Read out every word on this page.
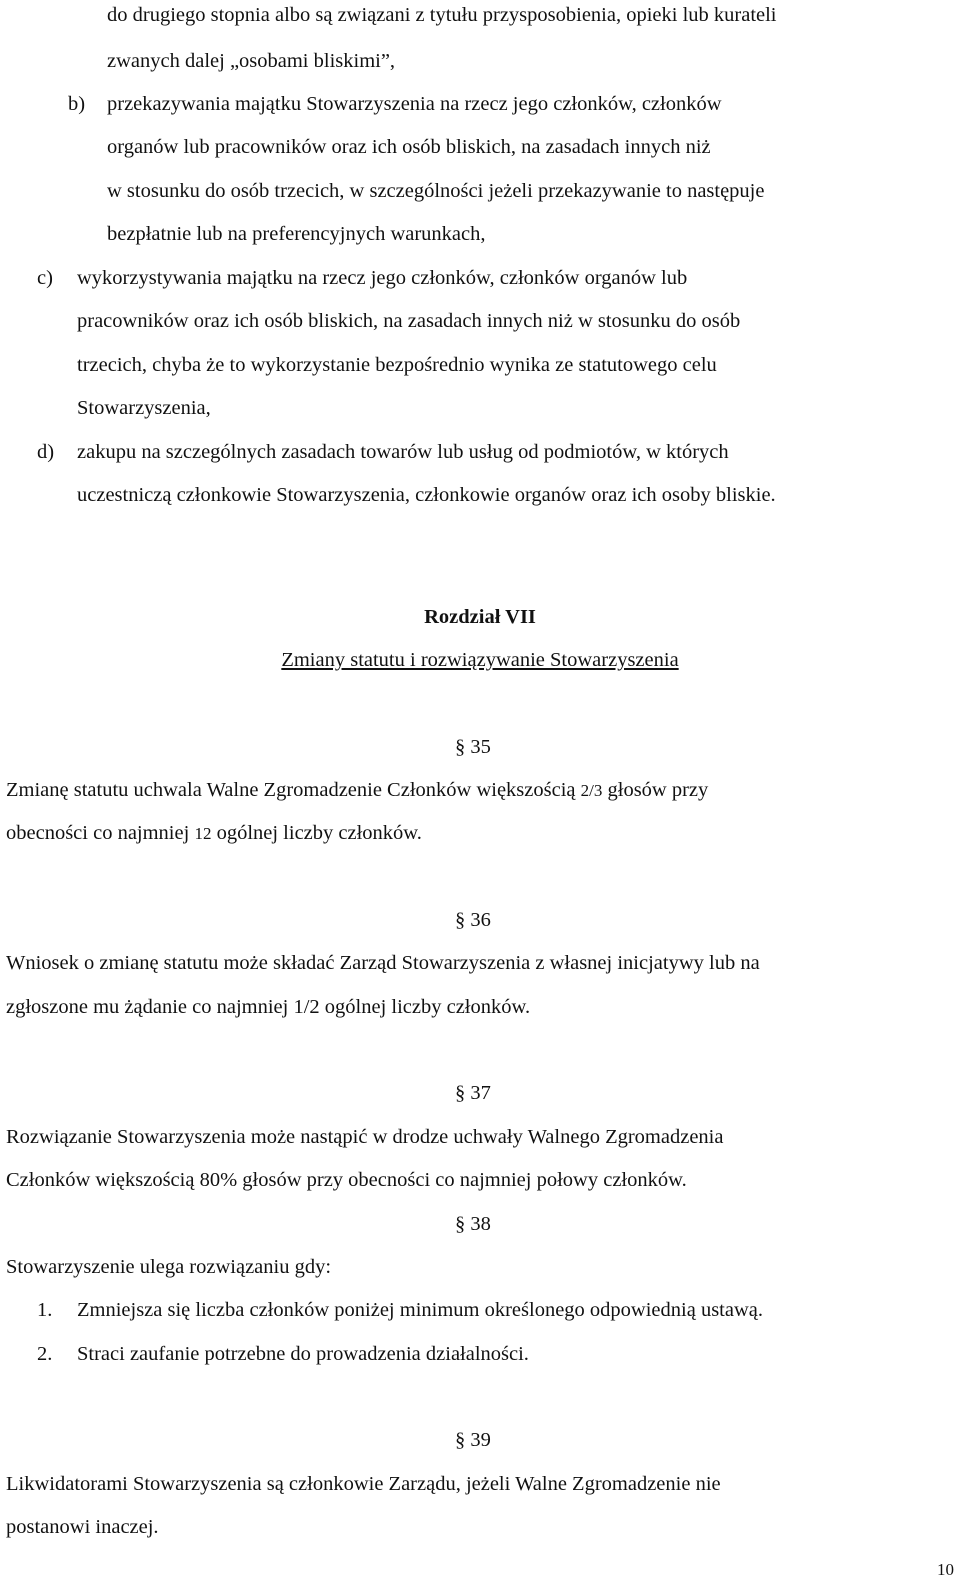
do drugiego stopnia albo są związani z tytułu przysposobienia, opieki lub kurateli
zwanych dalej „osobami bliskimi”,
b) przekazywania majątku Stowarzyszenia na rzecz jego członków, członków
organów lub pracowników oraz ich osób bliskich, na zasadach innych niż
w stosunku do osób trzecich, w szczególności jeżeli przekazywanie to następuje
bezpłatnie lub na preferencyjnych warunkach,
c) wykorzystywania majątku na rzecz jego członków, członków organów lub
pracowników oraz ich osób bliskich, na zasadach innych niż w stosunku do osób
trzecich, chyba że to wykorzystanie bezpośrednio wynika ze statutowego celu
Stowarzyszenia,
d) zakupu na szczególnych zasadach towarów lub usług od podmiotów, w których
uczestniczą członkowie Stowarzyszenia, członkowie organów oraz ich osoby bliskie.
Rozdział VII
Zmiany statutu i rozwiązywanie Stowarzyszenia
§ 35
Zmianę statutu uchwala Walne Zgromadzenie Członków większością 2/3 głosów przy
obecności co najmniej 12 ogólnej liczby członków.
§ 36
Wniosek o zmianę statutu może składać Zarząd Stowarzyszenia z własnej inicjatywy lub na
zgłoszone mu żądanie co najmniej 1/2 ogólnej liczby członków.
§ 37
Rozwiązanie Stowarzyszenia może nastąpić w drodze uchwały Walnego Zgromadzenia
Członków większością 80% głosów przy obecności co najmniej połowy członków.
§ 38
Stowarzyszenie ulega rozwiązaniu gdy:
1. Zmniejsza się liczba członków poniżej minimum określonego odpowiednią ustawą.
2. Straci zaufanie potrzebne do prowadzenia działalności.
§ 39
Likwidatorami Stowarzyszenia są członkowie Zarządu, jeżeli Walne Zgromadzenie nie
postanowi inaczej.
10
